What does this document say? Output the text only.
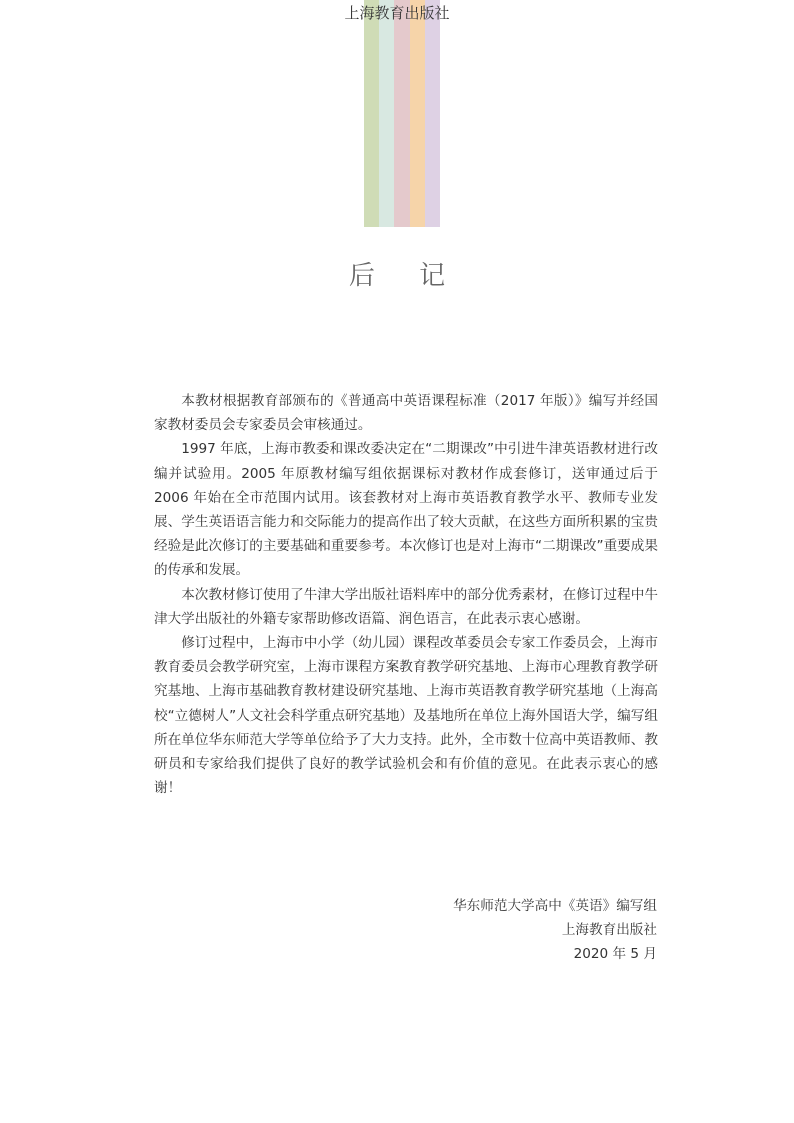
上海教育出版社
后 记

本教材根据教育部颁布的《普通高中英语课程标准（2017 年版）》编写并经国家教材委员会专家委员会审核通过。

1997 年底，上海市教委和课改委决定在“二期课改”中引进牛津英语教材进行改编并试验用。2005 年原教材编写组依据课标对教材作成套修订，送审通过后于 2006 年始在全市范围内试用。该套教材对上海市英语教育教学水平、教师专业发展、学生英语语言能力和交际能力的提高作出了较大贡献，在这些方面所积累的宝贵经验是此次修订的主要基础和重要参考。本次修订也是对上海市“二期课改”重要成果的传承和发展。

本次教材修订使用了牛津大学出版社语料库中的部分优秀素材，在修订过程中牛津大学出版社的外籍专家帮助修改语篇、润色语言，在此表示衷心感谢。

修订过程中，上海市中小学（幼儿园）课程改革委员会专家工作委员会，上海市教育委员会教学研究室，上海市课程方案教育教学研究基地、上海市心理教育教学研究基地、上海市基础教育教材建设研究基地、上海市英语教育教学研究基地（上海高校“立德树人”人文社会科学重点研究基地）及基地所在单位上海外国语大学，编写组所在单位华东师范大学等单位给予了大力支持。此外，全市数十位高中英语教师、教研员和专家给我们提供了良好的教学试验机会和有价值的意见。在此表示衷心的感谢！

华东师范大学高中《英语》编写组
上海教育出版社
2020 年 5 月
